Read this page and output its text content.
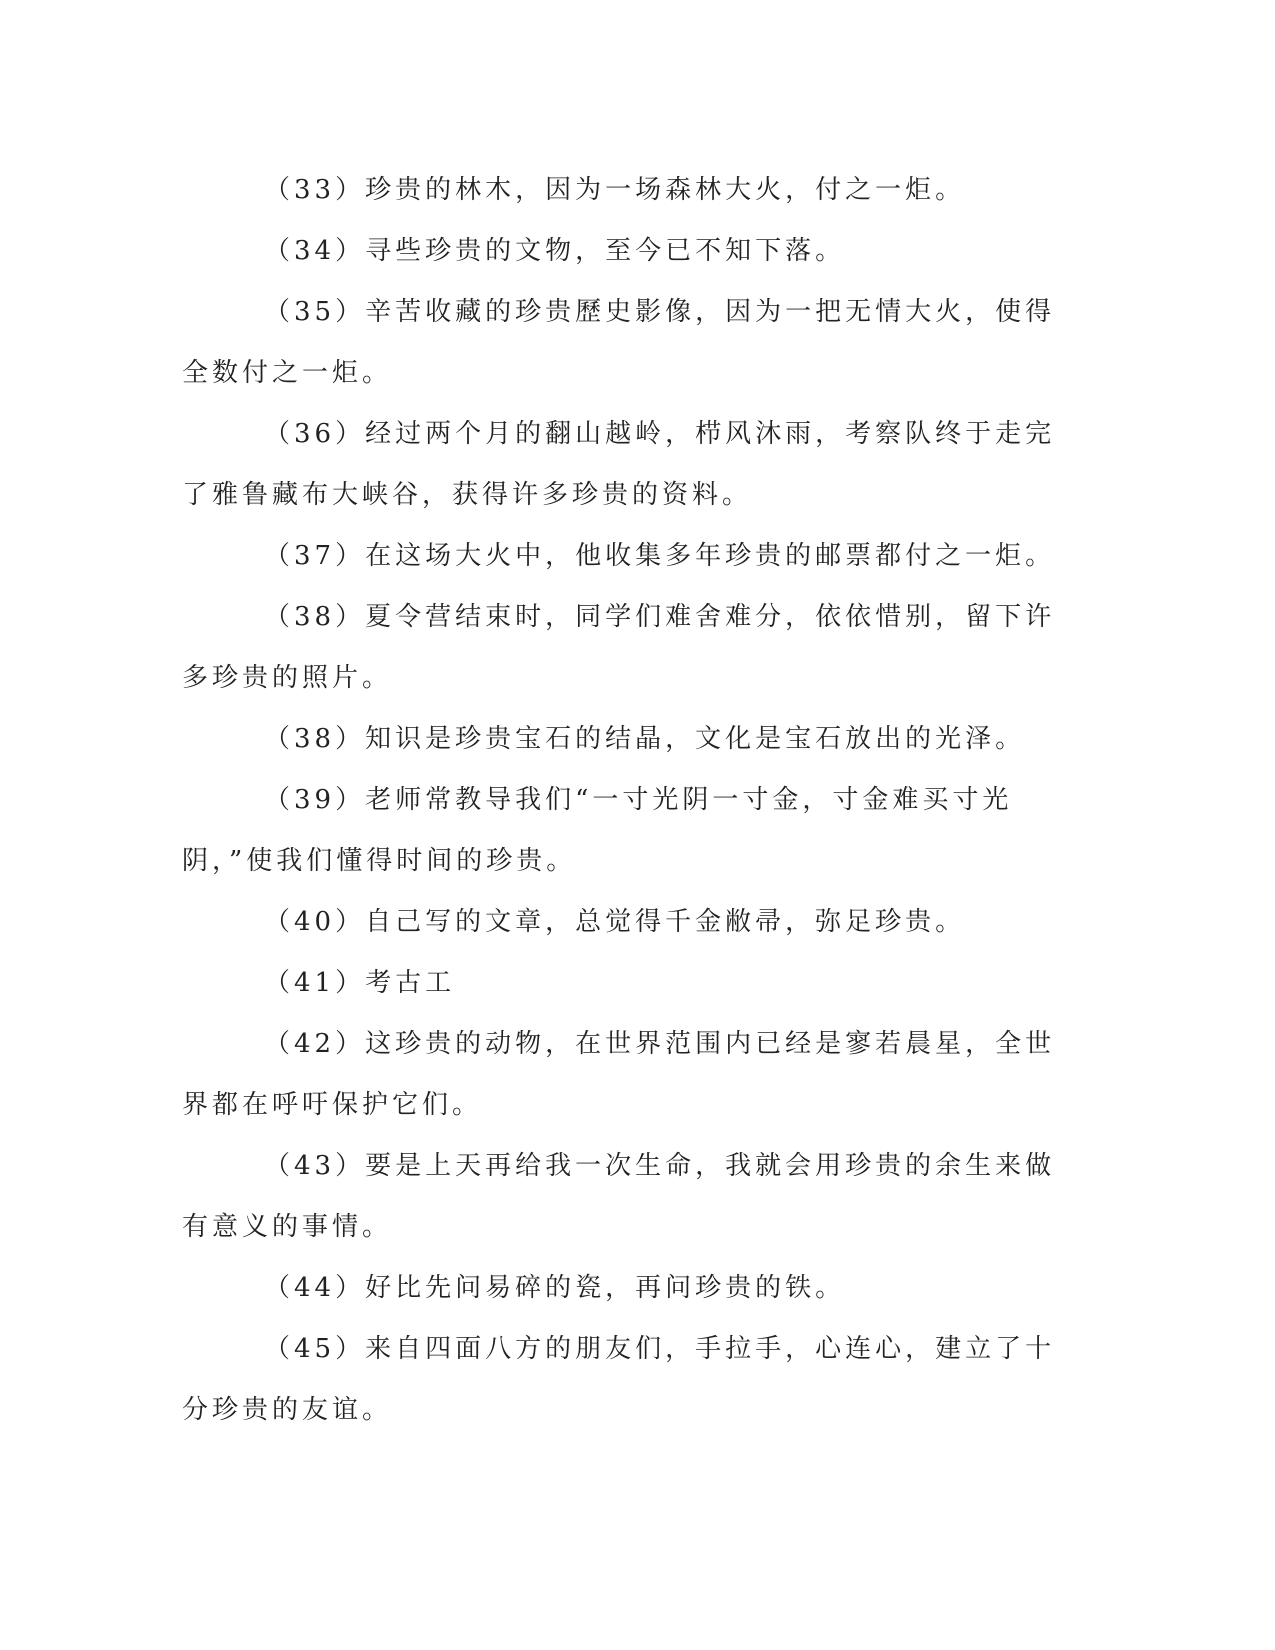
（33）珍贵的林木，因为一场森林大火，付之一炬。

（34）寻些珍贵的文物，至今已不知下落。

（35）辛苦收藏的珍贵歷史影像，因为一把无情大火，使得全数付之一炬。

（36）经过两个月的翻山越岭，栉风沐雨，考察队终于走完了雅鲁藏布大峡谷，获得许多珍贵的资料。

（37）在这场大火中，他收集多年珍贵的邮票都付之一炬。

（38）夏令营结束时，同学们难舍难分，依依惜别，留下许多珍贵的照片。

（38）知识是珍贵宝石的结晶，文化是宝石放出的光泽。

（39）老师常教导我们“一寸光阴一寸金，寸金难买寸光阴，”使我们懂得时间的珍贵。

（40）自己写的文章，总觉得千金敝帚，弥足珍贵。

（41）考古工

（42）这珍贵的动物，在世界范围内已经是寥若晨星，全世界都在呼吁保护它们。

（43）要是上天再给我一次生命，我就会用珍贵的余生来做有意义的事情。

（44）好比先问易碎的瓷，再问珍贵的铁。

（45）来自四面八方的朋友们，手拉手，心连心，建立了十分珍贵的友谊。
